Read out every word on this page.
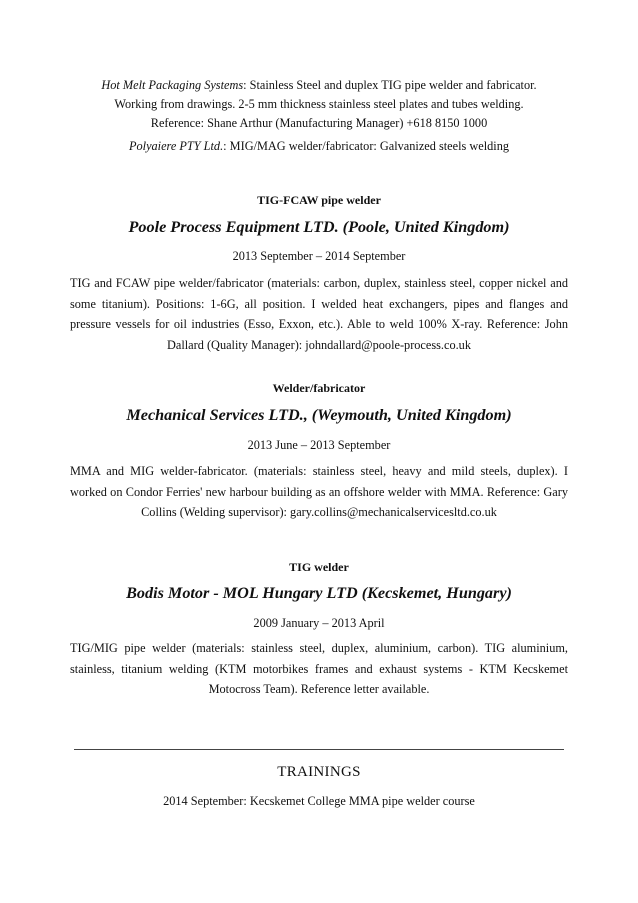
Hot Melt Packaging Systems: Stainless Steel and duplex TIG pipe welder and fabricator.
Working from drawings. 2-5 mm thickness stainless steel plates and tubes welding.
Reference: Shane Arthur (Manufacturing Manager) +618 8150 1000
Polyaiere PTY Ltd.: MIG/MAG welder/fabricator: Galvanized steels welding
TIG-FCAW pipe welder
Poole Process Equipment LTD. (Poole, United Kingdom)
2013 September – 2014 September
TIG and FCAW pipe welder/fabricator (materials: carbon, duplex, stainless steel, copper nickel and some titanium). Positions: 1-6G, all position. I welded heat exchangers, pipes and flanges and pressure vessels for oil industries (Esso, Exxon, etc.). Able to weld 100% X-ray. Reference: John Dallard (Quality Manager): johndallard@poole-process.co.uk
Welder/fabricator
Mechanical Services LTD., (Weymouth, United Kingdom)
2013 June – 2013 September
MMA and MIG welder-fabricator. (materials: stainless steel, heavy and mild steels, duplex). I worked on Condor Ferries' new harbour building as an offshore welder with MMA. Reference: Gary Collins (Welding supervisor): gary.collins@mechanicalservicesltd.co.uk
TIG welder
Bodis Motor - MOL Hungary LTD (Kecskemet, Hungary)
2009 January – 2013 April
TIG/MIG pipe welder (materials: stainless steel, duplex, aluminium, carbon). TIG aluminium, stainless, titanium welding (KTM motorbikes frames and exhaust systems - KTM Kecskemet Motocross Team). Reference letter available.
TRAININGS
2014 September: Kecskemet College MMA pipe welder course
